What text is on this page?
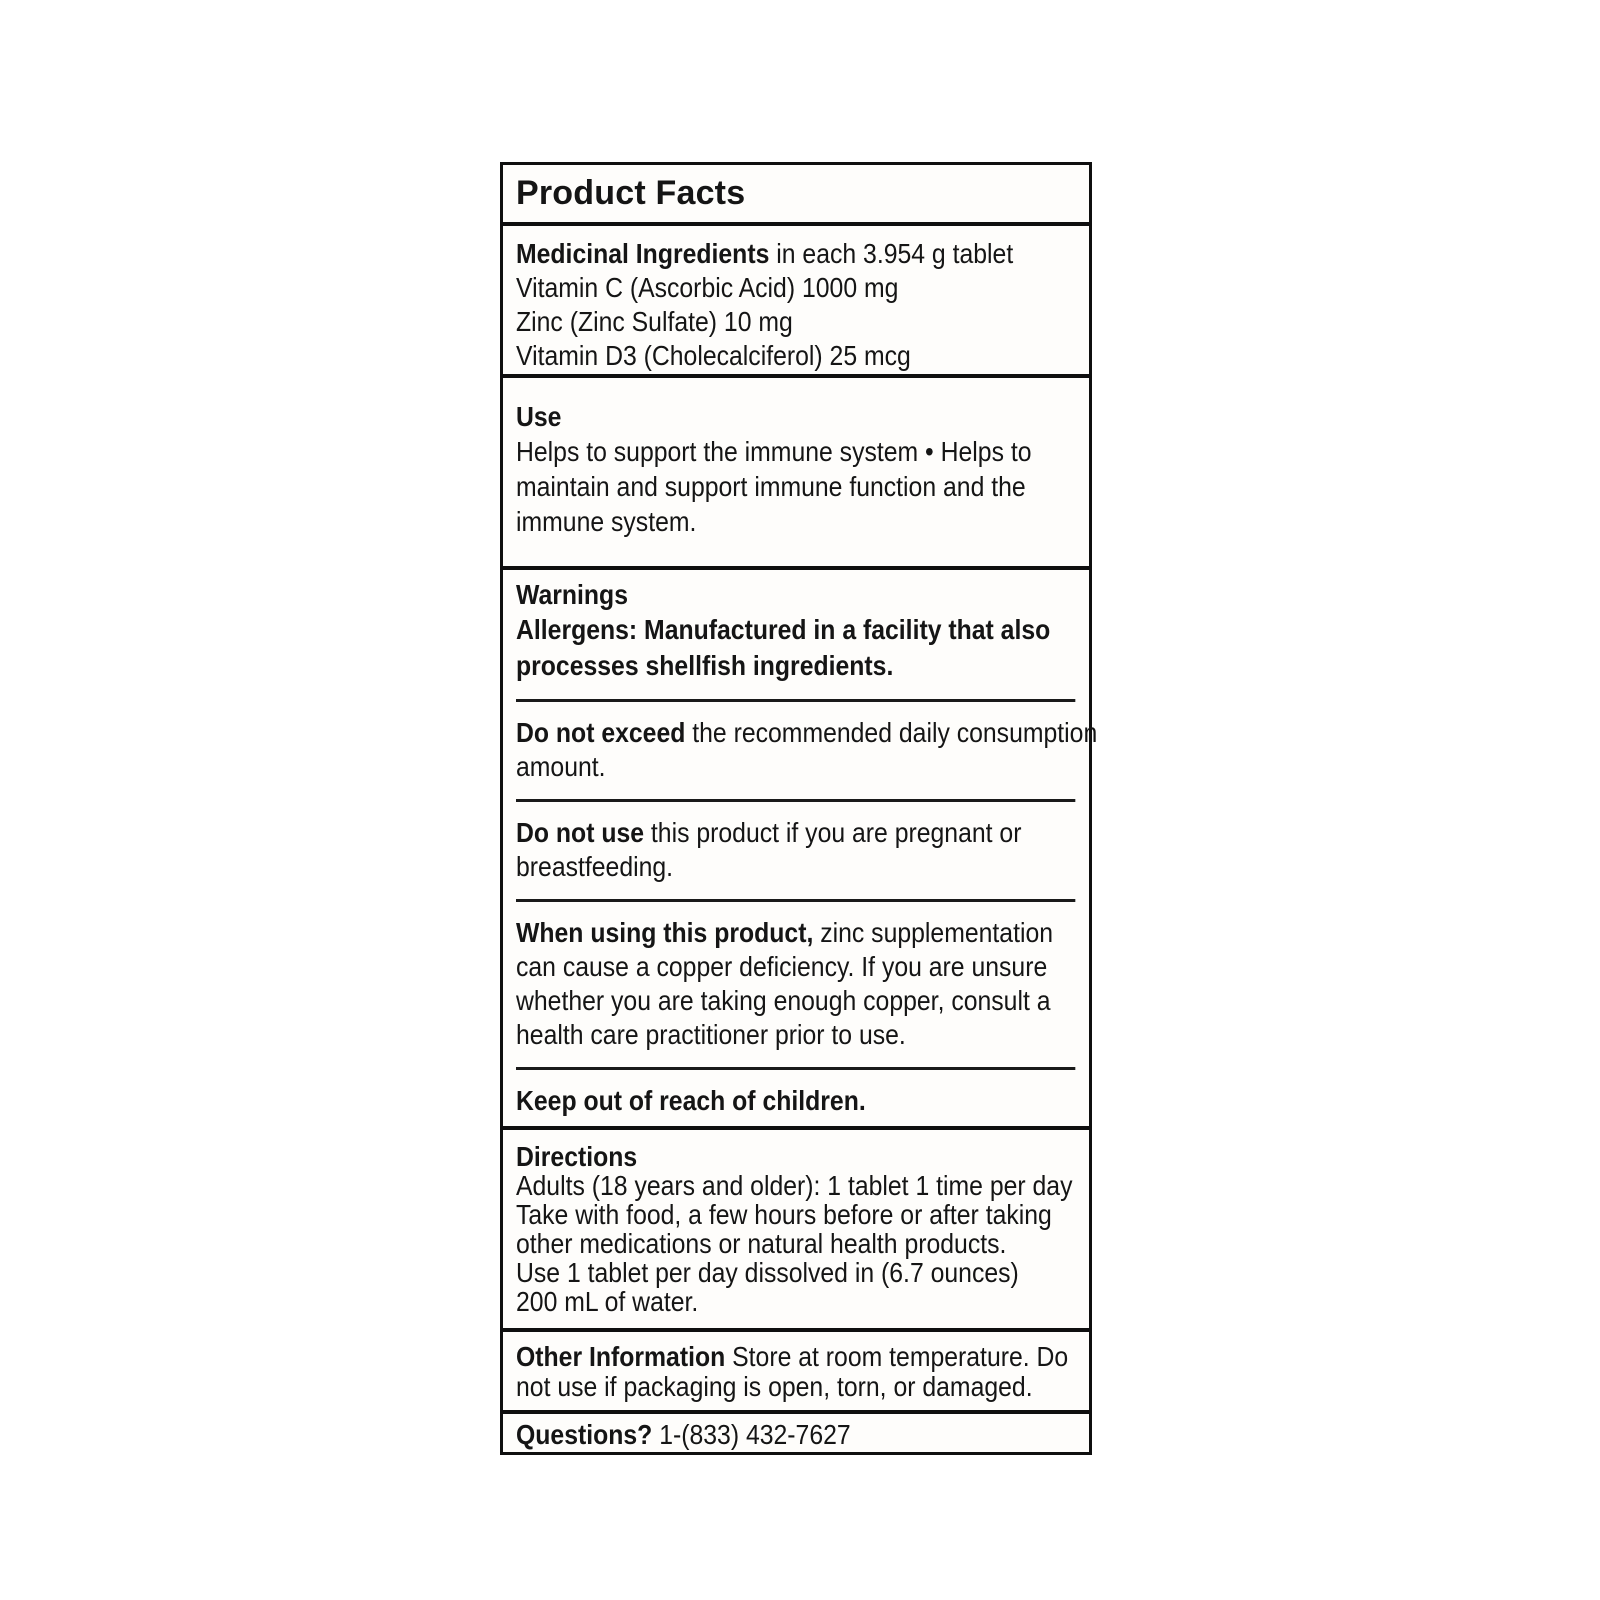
Product Facts
Medicinal Ingredients in each 3.954 g tablet
Vitamin C (Ascorbic Acid) 1000 mg
Zinc (Zinc Sulfate) 10 mg
Vitamin D3 (Cholecalciferol) 25 mcg
Use
Helps to support the immune system • Helps to
maintain and support immune function and the
immune system.
Warnings
Allergens: Manufactured in a facility that also
processes shellfish ingredients.
Do not exceed the recommended daily consumption
amount.
Do not use this product if you are pregnant or
breastfeeding.
When using this product, zinc supplementation
can cause a copper deficiency. If you are unsure
whether you are taking enough copper, consult a
health care practitioner prior to use.
Keep out of reach of children.
Directions
Adults (18 years and older): 1 tablet 1 time per day
Take with food, a few hours before or after taking
other medications or natural health products.
Use 1 tablet per day dissolved in (6.7 ounces)
200 mL of water.
Other Information Store at room temperature. Do
not use if packaging is open, torn, or damaged.
Questions? 1-(833) 432-7627
